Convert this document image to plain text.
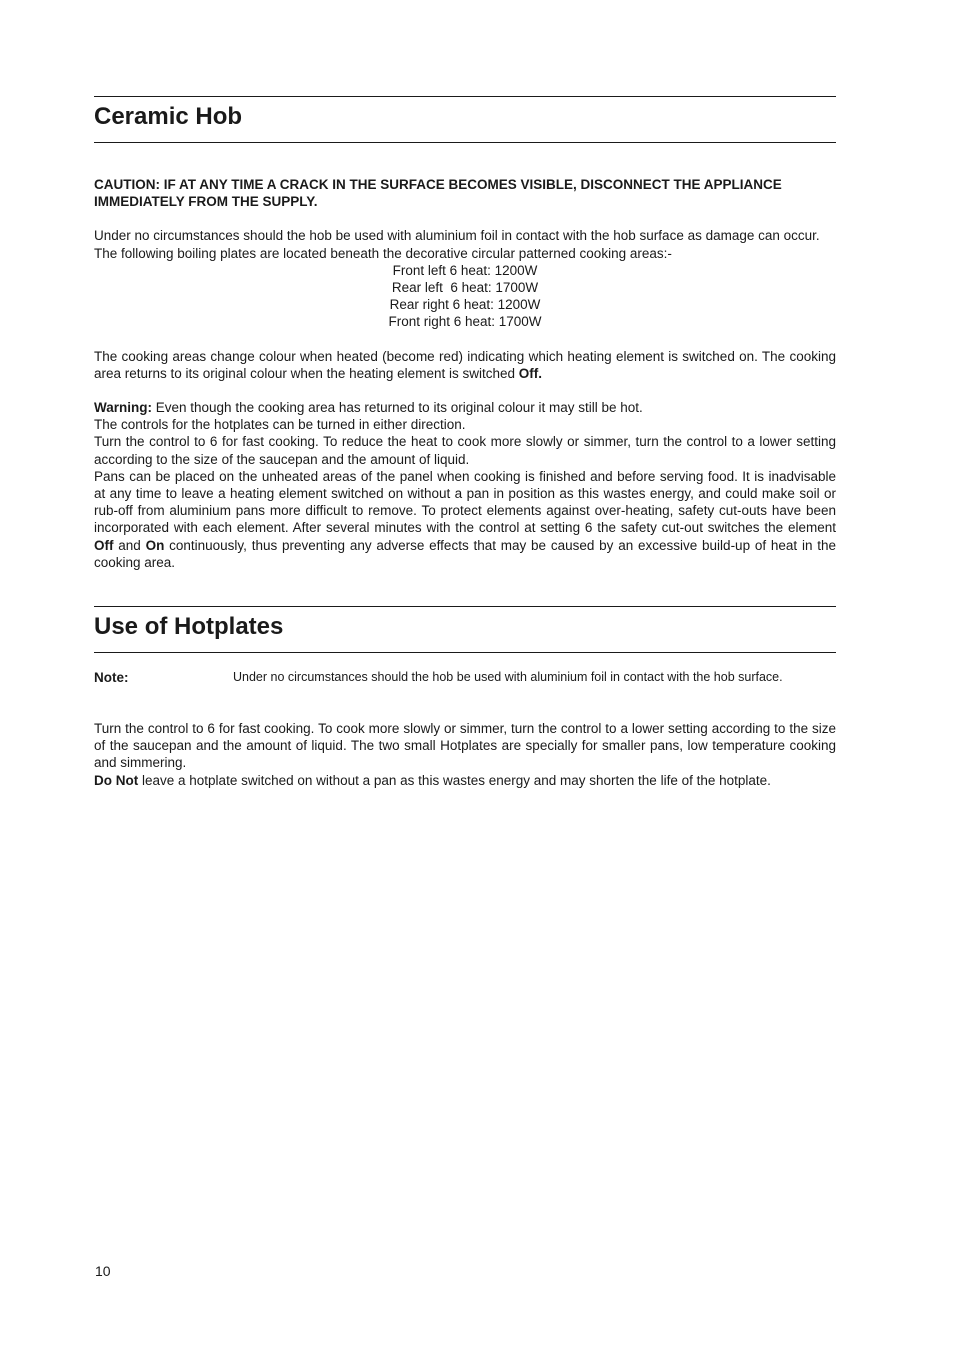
Ceramic Hob

CAUTION: IF AT ANY TIME A CRACK IN THE SURFACE BECOMES VISIBLE, DISCONNECT THE APPLIANCE IMMEDIATELY FROM THE SUPPLY.

Under no circumstances should the hob be used with aluminium foil in contact with the hob surface as damage can occur.

The following boiling plates are located beneath the decorative circular patterned cooking areas:-

Front left 6 heat: 1200W
Rear left  6 heat: 1700W
Rear right 6 heat: 1200W
Front right 6 heat: 1700W

The cooking areas change colour when heated (become red) indicating which heating element is switched on. The cooking area returns to its original colour when the heating element is switched Off.

Warning: Even though the cooking area has returned to its original colour it may still be hot.

The controls for the hotplates can be turned in either direction.

Turn the control to 6 for fast cooking. To reduce the heat to cook more slowly or simmer, turn the control to a lower setting according to the size of the saucepan and the amount of liquid.

Pans can be placed on the unheated areas of the panel when cooking is finished and before serving food. It is inadvisable at any time to leave a heating element switched on without a pan in position as this wastes energy, and could make soil or rub-off from aluminium pans more difficult to remove. To protect elements against over-heating, safety cut-outs have been incorporated with each element. After several minutes with the control at setting 6 the safety cut-out switches the element Off and On continuously, thus preventing any adverse effects that may be caused by an excessive build-up of heat in the cooking area.

Use of Hotplates
Note:	Under no circumstances should the hob be used with aluminium foil in contact with the hob surface.

Turn the control to 6 for fast cooking. To cook more slowly or simmer, turn the control to a lower setting according to the size of the saucepan and the amount of liquid. The two small Hotplates are specially for smaller pans, low temperature cooking and simmering.

Do Not leave a hotplate switched on without a pan as this wastes energy and may shorten the life of the hotplate.

10
